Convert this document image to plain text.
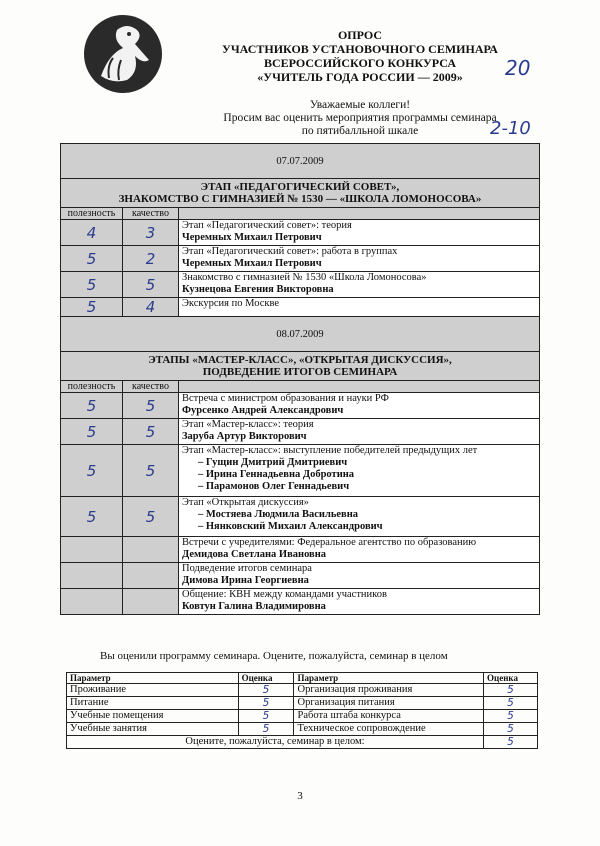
ОПРОС
УЧАСТНИКОВ УСТАНОВОЧНОГО СЕМИНАРА
ВСЕРОССИЙСКОГО КОНКУРСА
«УЧИТЕЛЬ ГОДА РОССИИ — 2009»	20
2-10
Уважаемые коллеги!
Просим вас оценить мероприятия программы семинара
по пятибалльной шкале
07.07.2009		

ЭТАП «ПЕДАГОГИЧЕСКИЙ СОВЕТ»,
ЗНАКОМСТВО С ГИМНАЗИЕЙ № 1530 — «ШКОЛА ЛОМОНОСОВА»		

полезность	качество	
4	3	Этап «Педагогический совет»: теория
Черемных Михаил Петрович
5	2	Этап «Педагогический совет»: работа в группах
Черемных Михаил Петрович
5	5	Знакомство с гимназией № 1530 «Школа Ломоносова»
Кузнецова Евгения Викторовна
5	4	Экскурсия по Москве

08.07.2009		

ЭТАПЫ «МАСТЕР-КЛАСС», «ОТКРЫТАЯ ДИСКУССИЯ»,
ПОДВЕДЕНИЕ ИТОГОВ СЕМИНАРА		

полезность	качество	
5	5	Встреча с министром образования и науки РФ
Фурсенко Андрей Александрович
5	5	Этап «Мастер-класс»: теория
Заруба Артур Викторович
5	5	Этап «Мастер-класс»: выступление победителей предыдущих лет
– Гущин Дмитрий Дмитриевич
– Ирина Геннадьевна Добротина
– Парамонов Олег Геннадьевич

5	5	Этап «Открытая дискуссия»
– Мостяева Людмила Васильевна
– Нянковский Михаил Александрович

		Встречи с учредителями: Федеральное агентство по образованию
Демидова Светлана Ивановна

		Подведение итогов семинара
Димова Ирина Георгиевна

		Общение: КВН между командами участников
Ковтун Галина Владимировна
Вы оценили программу семинара. Оцените, пожалуйста, семинар в целом
Параметр	Оценка	Параметр	Оценка
Проживание	5	Организация проживания	5
Питание	5	Организация питания	5
Учебные помещения	5	Работа штаба конкурса	5
Учебные занятия	5	Техническое сопровождение	5
Оцените, пожалуйста, семинар в целом:			5
3
